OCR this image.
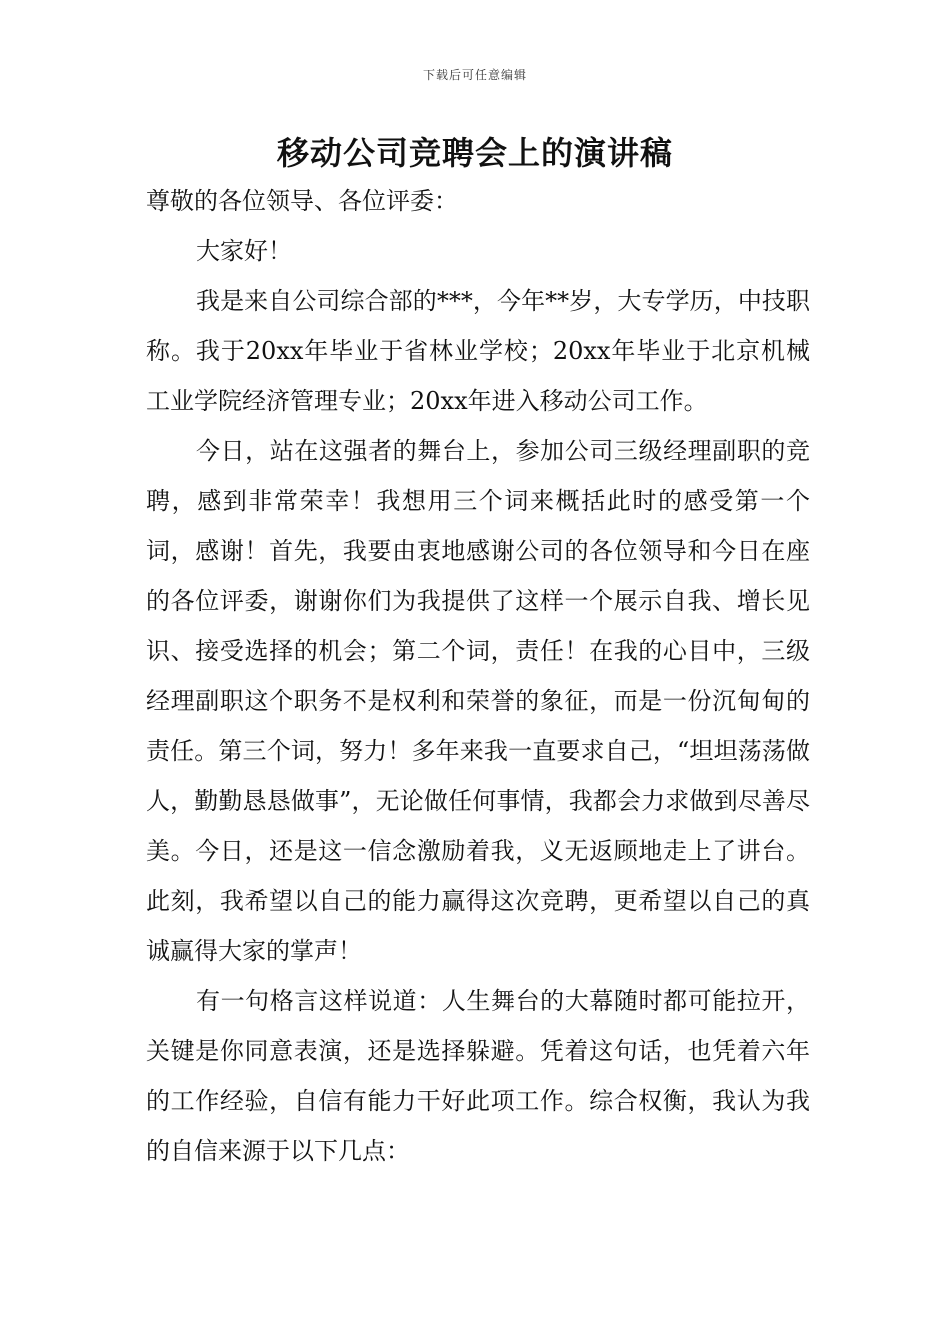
下载后可任意编辑
移动公司竞聘会上的演讲稿

尊敬的各位领导、各位评委：

大家好！

我是来自公司综合部的***，今年**岁，大专学历，中技职称。我于20xx年毕业于省林业学校；20xx年毕业于北京机械工业学院经济管理专业；20xx年进入移动公司工作。

今日，站在这强者的舞台上，参加公司三级经理副职的竞聘，感到非常荣幸！我想用三个词来概括此时的感受第一个词，感谢！首先，我要由衷地感谢公司的各位领导和今日在座的各位评委，谢谢你们为我提供了这样一个展示自我、增长见识、接受选择的机会；第二个词，责任！在我的心目中，三级经理副职这个职务不是权利和荣誉的象征，而是一份沉甸甸的责任。第三个词，努力！多年来我一直要求自己，“坦坦荡荡做人，勤勤恳恳做事”，无论做任何事情，我都会力求做到尽善尽美。今日，还是这一信念激励着我，义无返顾地走上了讲台。此刻，我希望以自己的能力赢得这次竞聘，更希望以自己的真诚赢得大家的掌声！

有一句格言这样说道：人生舞台的大幕随时都可能拉开，关键是你同意表演，还是选择躲避。凭着这句话，也凭着六年的工作经验，自信有能力干好此项工作。综合权衡，我认为我的自信来源于以下几点：
